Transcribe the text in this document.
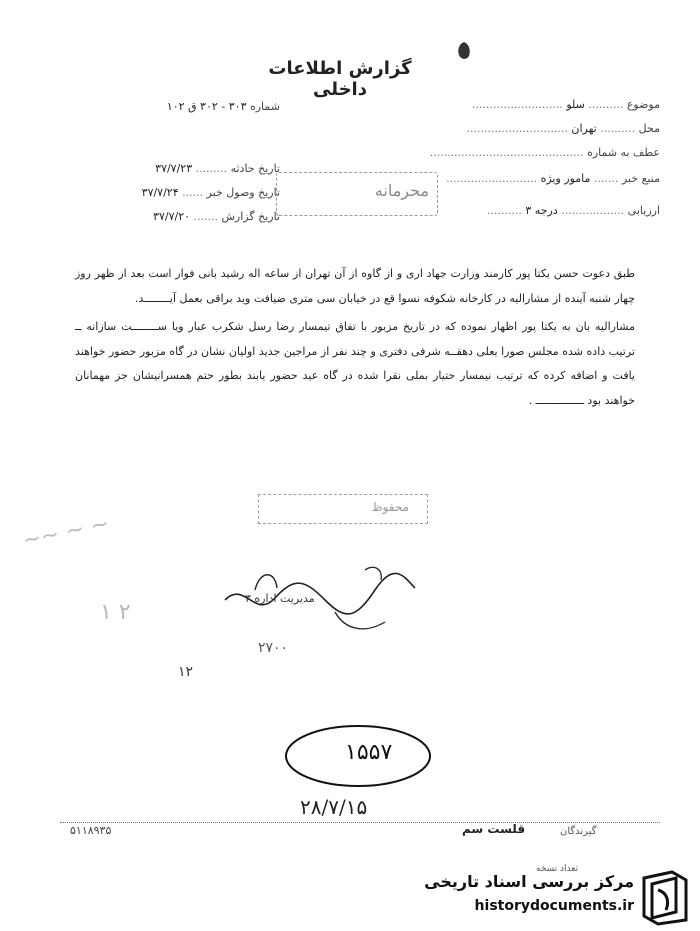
گزارش اطلاعات داخلی
موضوع .......... سلو ..........................
محل .......... تهران .............................
عطف به شماره ............................................
منبع خبر ....... مامور ویژه ..........................
ارزیابی .................. درجه ۳ ..........
شماره ۳۰۳ - ۳۰۲ ق ۱۰۲
تاریخ حادثه ......... ۳۷/۷/۲۳
تاریخ وصول خبر ...... ۳۷/۷/۲۴
تاریخ گزارش ....... ۳۷/۷/۲۰
محرمانه

طبق دعوت حسن یکتا پور کارمند وزارت جهاد اری و از گاوه از آن تهران از ساعه اله رشید بانی فوار است بعد از ظهر روز چهار شنبه آینده از مشاراليه در کارخانه شکوفه نسوا قع در خیابان سی متری ضیافت وید براقی بعمل آیــــــــد.

مشاراليه بان به یکتا پور اظهار نموده که در تاريخ مزبور با تفاق تيمسار رضا رسل شکرب عبار ويا ســــــــت سازانه ــ ترتیب داده شده مجلس صورا بعلی دهقــه شرفی دفتری و چند نفر از مراجین جدید اولیان نشان در گاه مزبور حضور خواهند یافت و اضافه کرده که ترتیب نیمسار حتیار بملی نقرا شده در گاه عيد حضور يابند بطور حتم همسرانیشان جز مهمانان خواهند بود ـــــــــــــــ .

محفوظ
~~ ~ ~
۱ ۲
مدیریت اداره ۳
۲۷۰۰
۱۲
۱۵۵۷
۲۸/۷/۱۵
۵۱۱۸۹۳۵	قلست سم	گیرندگان
تعداد نسخه
مرکز بررسی اسناد تاریخی
historydocuments.ir
